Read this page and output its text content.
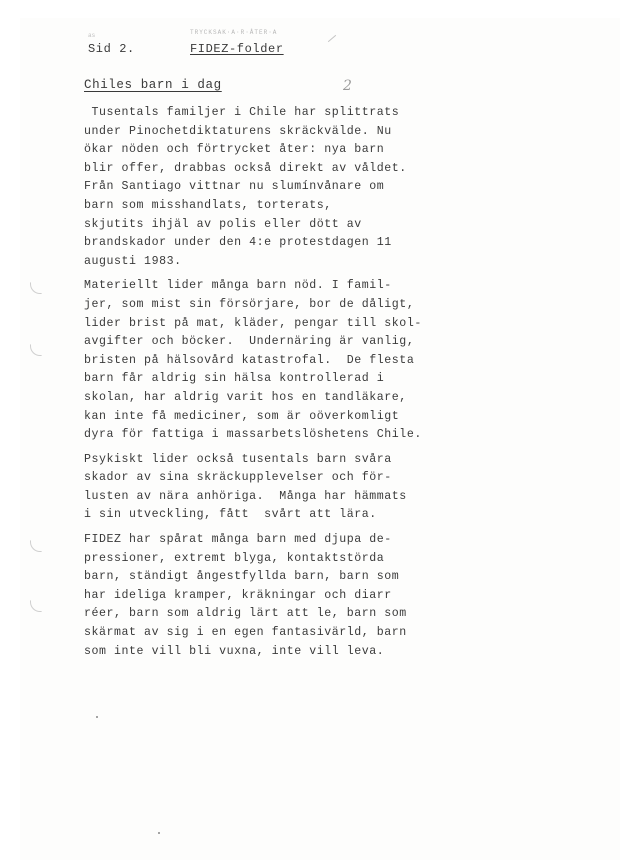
as	TRYCKSAK·A·R·ÅTER·A
Sid 2.	FIDEZ-folder
Chiles barn i dag	2
Tusentals familjer i Chile har splittrats
under Pinochetdiktaturens skräckvälde. Nu
ökar nöden och förtrycket åter: nya barn
blir offer, drabbas också direkt av våldet.
Från Santiago vittnar nu slumínvånare om
barn som misshandlats, torterats,
skjutits ihjäl av polis eller dött av
brandskador under den 4:e protestdagen 11
augusti 1983.
Materiellt lider många barn nöd. I famil-
jer, som mist sin försörjare, bor de dåligt,
lider brist på mat, kläder, pengar till skol-
avgifter och böcker.  Undernäring är vanlig,
bristen på hälsovård katastrofal.  De flesta
barn får aldrig sin hälsa kontrollerad i
skolan, har aldrig varit hos en tandläkare,
kan inte få mediciner, som är oöverkomligt
dyra för fattiga i massarbetslöshetens Chile.
Psykiskt lider också tusentals barn svåra
skador av sina skräckupplevelser och för-
lusten av nära anhöriga.  Många har hämmats
i sin utveckling, fått  svårt att lära.
FIDEZ har spårat många barn med djupa de-
pressioner, extremt blyga, kontaktstörda
barn, ständigt ångestfyllda barn, barn som
har ideliga kramper, kräkningar och diarr
réer, barn som aldrig lärt att le, barn som
skärmat av sig i en egen fantasivärld, barn
som inte vill bli vuxna, inte vill leva.
